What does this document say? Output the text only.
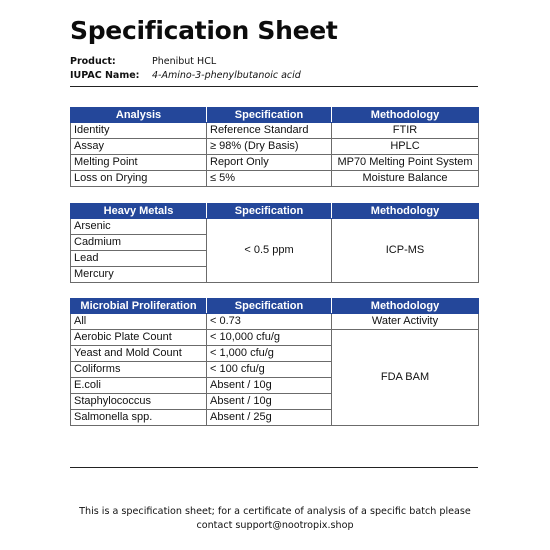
Specification Sheet
Product:	Phenibut HCL
IUPAC Name: 4-Amino-3-phenylbutanoic acid
Analysis	Specification	Methodology
Identity	Reference Standard	FTIR
Assay	≥ 98% (Dry Basis)	HPLC
Melting Point	Report Only	MP70 Melting Point System
Loss on Drying	≤ 5%	Moisture Balance
Heavy Metals	Specification	Methodology
Arsenic	< 0.5 ppm	ICP-MS
Cadmium		
Lead		
Mercury		
Microbial Proliferation	Specification	Methodology
All	< 0.73	Water Activity
Aerobic Plate Count	< 10,000 cfu/g	FDA BAM
Yeast and Mold Count	< 1,000 cfu/g	
Coliforms	< 100 cfu/g	
E.coli	Absent / 10g	
Staphylococcus	Absent / 10g	
Salmonella spp.	Absent / 25g	
This is a specification sheet; for a certificate of analysis of a specific batch please
contact support@nootropix.shop
